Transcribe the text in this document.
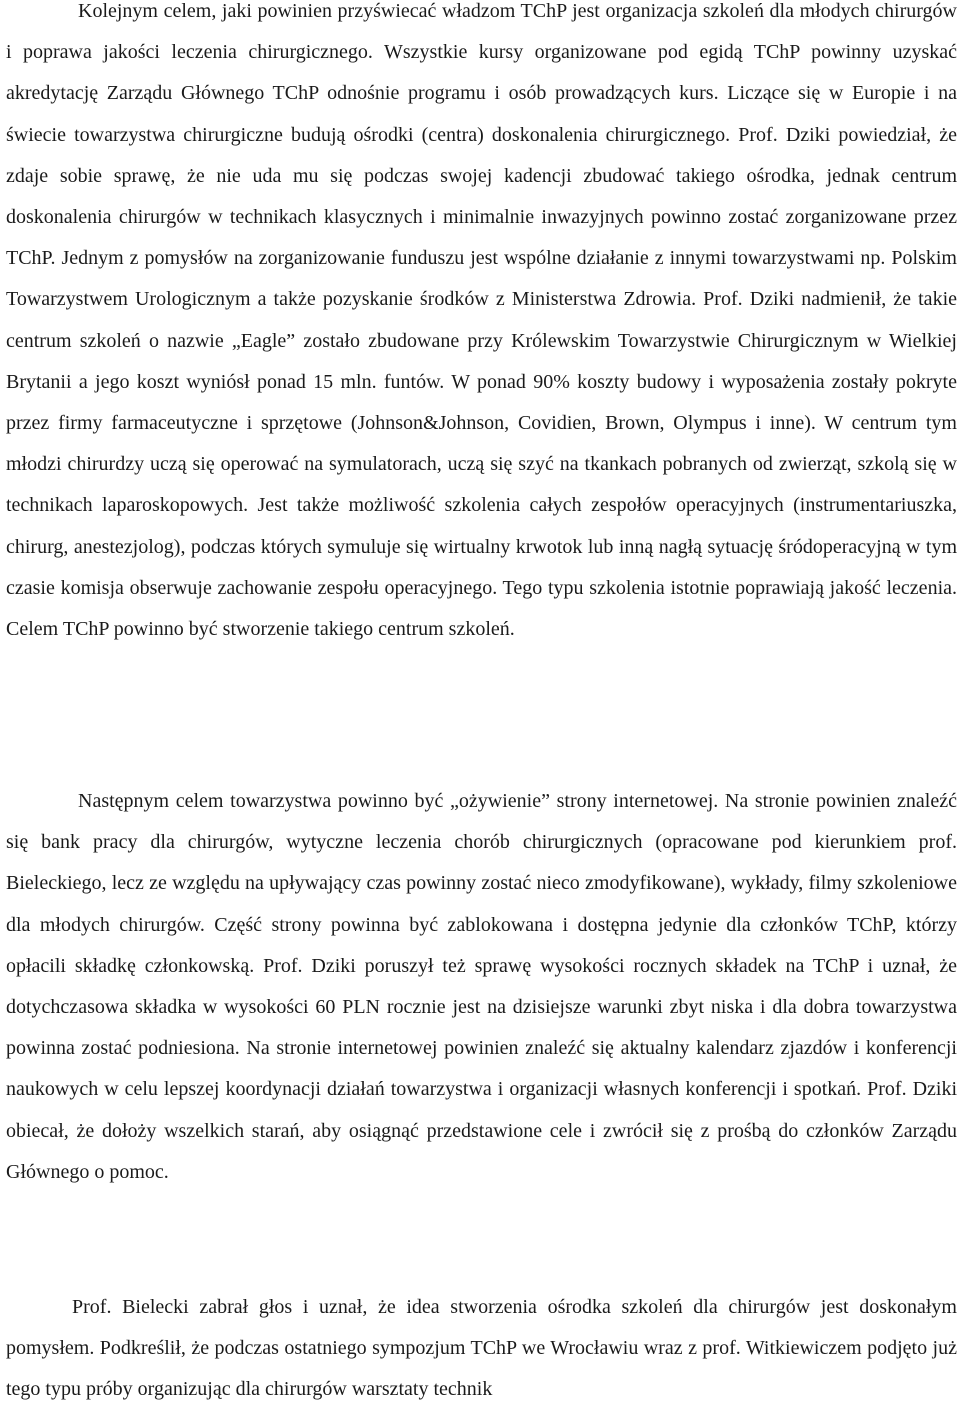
Kolejnym celem, jaki powinien przyświecać władzom TChP jest organizacja szkoleń dla młodych chirurgów i poprawa jakości leczenia chirurgicznego. Wszystkie kursy organizowane pod egidą TChP powinny uzyskać akredytację Zarządu Głównego TChP odnośnie programu i osób prowadzących kurs. Liczące się w Europie i na świecie towarzystwa chirurgiczne budują ośrodki (centra) doskonalenia chirurgicznego. Prof. Dziki powiedział, że zdaje sobie sprawę, że nie uda mu się podczas swojej kadencji zbudować takiego ośrodka, jednak centrum doskonalenia chirurgów w technikach klasycznych i minimalnie inwazyjnych powinno zostać zorganizowane przez TChP. Jednym z pomysłów na zorganizowanie funduszu jest wspólne działanie z innymi towarzystwami np. Polskim Towarzystwem Urologicznym a także pozyskanie środków z Ministerstwa Zdrowia. Prof. Dziki nadmienił, że takie centrum szkoleń o nazwie „Eagle” zostało zbudowane przy Królewskim Towarzystwie Chirurgicznym w Wielkiej Brytanii a jego koszt wyniósł ponad 15 mln. funtów. W ponad 90% koszty budowy i wyposażenia zostały pokryte przez firmy farmaceutyczne i sprzętowe (Johnson&Johnson, Covidien, Brown, Olympus i inne). W centrum tym młodzi chirurdzy uczą się operować na symulatorach, uczą się szyć na tkankach pobranych od zwierząt, szkolą się w technikach laparoskopowych. Jest także możliwość szkolenia całych zespołów operacyjnych (instrumentariuszka, chirurg, anestezjolog), podczas których symuluje się wirtualny krwotok lub inną nagłą sytuację śródoperacyjną w tym czasie komisja obserwuje zachowanie zespołu operacyjnego. Tego typu szkolenia istotnie poprawiają jakość leczenia. Celem TChP powinno być stworzenie takiego centrum szkoleń.

Następnym celem towarzystwa powinno być „ożywienie” strony internetowej. Na stronie powinien znaleźć się bank pracy dla chirurgów, wytyczne leczenia chorób chirurgicznych (opracowane pod kierunkiem prof. Bieleckiego, lecz ze względu na upływający czas powinny zostać nieco zmodyfikowane), wykłady, filmy szkoleniowe dla młodych chirurgów. Część strony powinna być zablokowana i dostępna jedynie dla członków TChP, którzy opłacili składkę członkowską. Prof. Dziki poruszył też sprawę wysokości rocznych składek na TChP i uznał, że dotychczasowa składka w wysokości 60 PLN rocznie jest na dzisiejsze warunki zbyt niska i dla dobra towarzystwa powinna zostać podniesiona. Na stronie internetowej powinien znaleźć się aktualny kalendarz zjazdów i konferencji naukowych w celu lepszej koordynacji działań towarzystwa i organizacji własnych konferencji i spotkań. Prof. Dziki obiecał, że dołoży wszelkich starań, aby osiągnąć przedstawione cele i zwrócił się z prośbą do członków Zarządu Głównego o pomoc.

Prof. Bielecki zabrał głos i uznał, że idea stworzenia ośrodka szkoleń dla chirurgów jest doskonałym pomysłem. Podkreślił, że podczas ostatniego sympozjum TChP we Wrocławiu wraz z prof. Witkiewiczem podjęto już tego typu próby organizując dla chirurgów warsztaty technik
